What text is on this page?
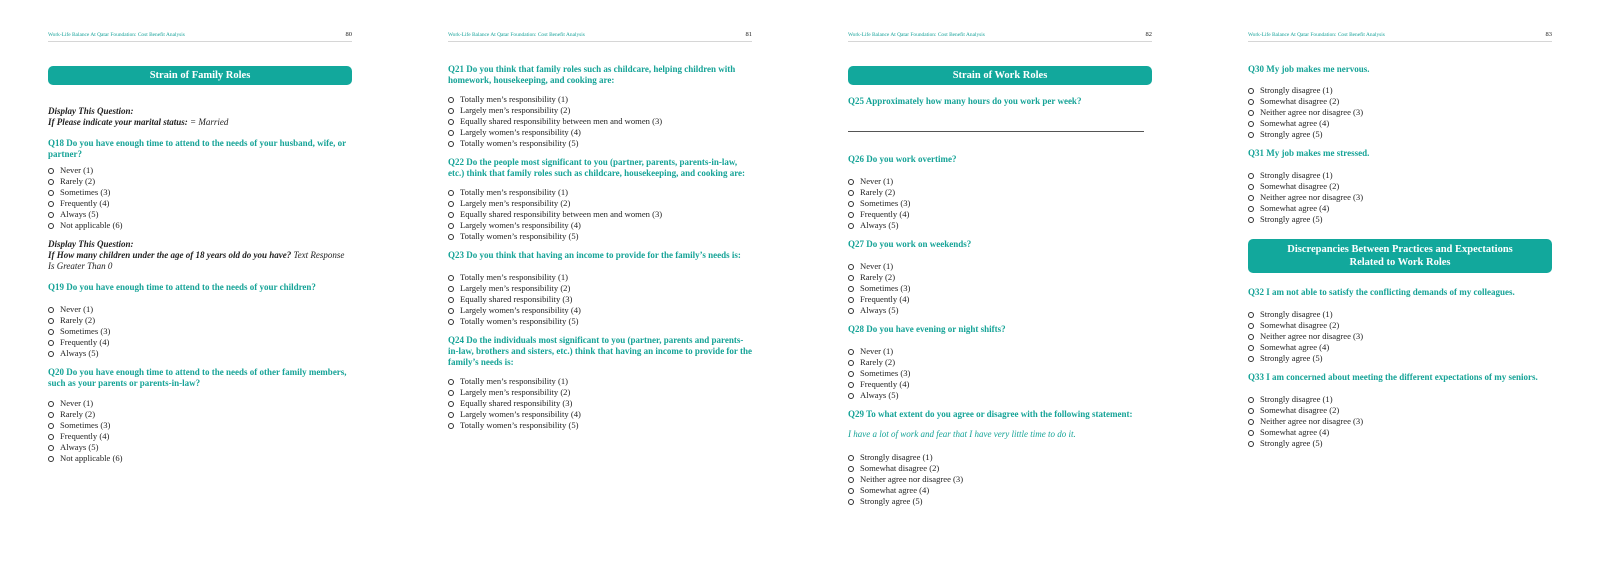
Work-Life Balance At Qatar Foundation: Cost Benefit Analysis	80
Strain of Family Roles
Display This Question:
If Please indicate your marital status: = Married
Q18 Do you have enough time to attend to the needs of your husband, wife, or partner?
Never (1)
Rarely (2)
Sometimes (3)
Frequently (4)
Always (5)
Not applicable (6)
Display This Question:
If How many children under the age of 18 years old do you have? Text Response Is Greater Than 0
Q19 Do you have enough time to attend to the needs of your children?
Never (1)
Rarely (2)
Sometimes (3)
Frequently (4)
Always (5)
Q20 Do you have enough time to attend to the needs of other family members, such as your parents or parents-in-law?
Never (1)
Rarely (2)
Sometimes (3)
Frequently (4)
Always (5)
Not applicable (6)
Work-Life Balance At Qatar Foundation: Cost Benefit Analysis	81
Q21 Do you think that family roles such as childcare, helping children with homework, housekeeping, and cooking are:
Totally men’s responsibility (1)
Largely men’s responsibility (2)
Equally shared responsibility between men and women (3)
Largely women’s responsibility (4)
Totally women’s responsibility (5)
Q22 Do the people most significant to you (partner, parents, parents-in-law, etc.) think that family roles such as childcare, housekeeping, and cooking are:
Totally men’s responsibility (1)
Largely men’s responsibility (2)
Equally shared responsibility between men and women (3)
Largely women’s responsibility (4)
Totally women’s responsibility (5)
Q23 Do you think that having an income to provide for the family’s needs is:
Totally men’s responsibility (1)
Largely men’s responsibility (2)
Equally shared responsibility (3)
Largely women’s responsibility (4)
Totally women’s responsibility (5)
Q24 Do the individuals most significant to you (partner, parents and parents-in-law, brothers and sisters, etc.) think that having an income to provide for the family’s needs is:
Totally men’s responsibility (1)
Largely men’s responsibility (2)
Equally shared responsibility (3)
Largely women’s responsibility (4)
Totally women’s responsibility (5)
Work-Life Balance At Qatar Foundation: Cost Benefit Analysis	82
Strain of Work Roles
Q25 Approximately how many hours do you work per week?
Q26 Do you work overtime?
Never (1)
Rarely (2)
Sometimes (3)
Frequently (4)
Always (5)
Q27 Do you work on weekends?
Never (1)
Rarely (2)
Sometimes (3)
Frequently (4)
Always (5)
Q28 Do you have evening or night shifts?
Never (1)
Rarely (2)
Sometimes (3)
Frequently (4)
Always (5)
Q29 To what extent do you agree or disagree with the following statement:
I have a lot of work and fear that I have very little time to do it.
Strongly disagree (1)
Somewhat disagree (2)
Neither agree nor disagree (3)
Somewhat agree (4)
Strongly agree (5)
Work-Life Balance At Qatar Foundation: Cost Benefit Analysis	83
Q30 My job makes me nervous.
Strongly disagree (1)
Somewhat disagree (2)
Neither agree nor disagree (3)
Somewhat agree (4)
Strongly agree (5)
Q31 My job makes me stressed.
Strongly disagree (1)
Somewhat disagree (2)
Neither agree nor disagree (3)
Somewhat agree (4)
Strongly agree (5)
Discrepancies Between Practices and Expectations
Related to Work Roles
Q32 I am not able to satisfy the conflicting demands of my colleagues.
Strongly disagree (1)
Somewhat disagree (2)
Neither agree nor disagree (3)
Somewhat agree (4)
Strongly agree (5)
Q33 I am concerned about meeting the different expectations of my seniors.
Strongly disagree (1)
Somewhat disagree (2)
Neither agree nor disagree (3)
Somewhat agree (4)
Strongly agree (5)
